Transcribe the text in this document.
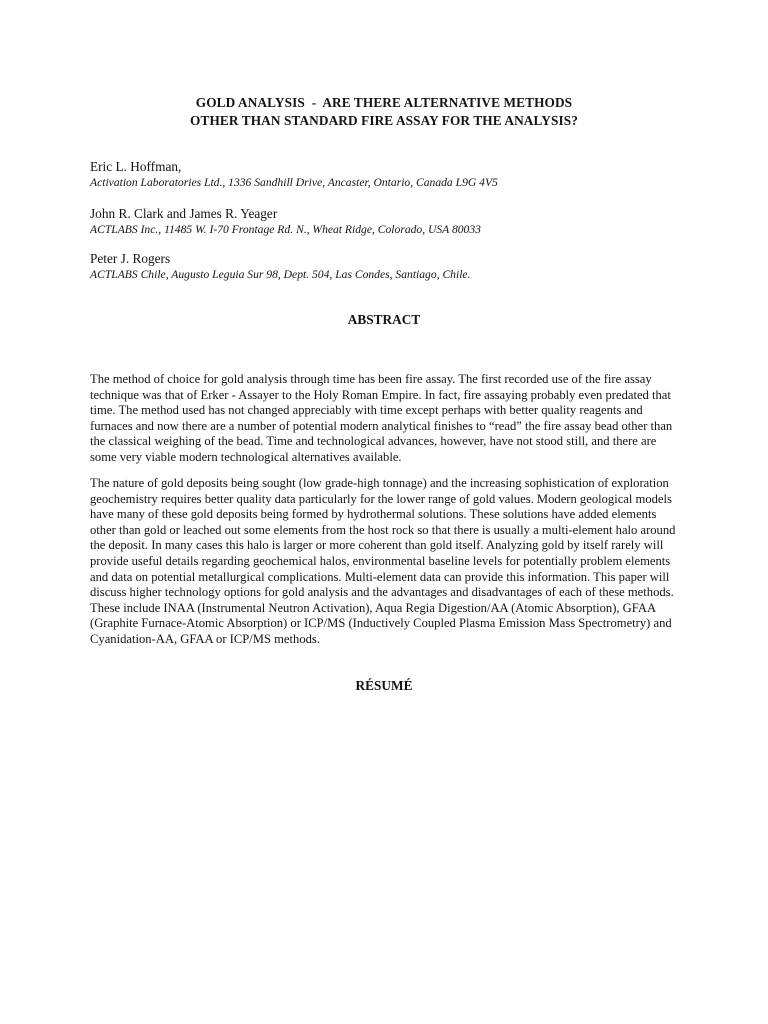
GOLD ANALYSIS  -  ARE THERE ALTERNATIVE METHODS
OTHER THAN STANDARD FIRE ASSAY FOR THE ANALYSIS?
Eric L. Hoffman,
Activation Laboratories Ltd., 1336 Sandhill Drive, Ancaster, Ontario, Canada L9G 4V5
John R. Clark and James R. Yeager
ACTLABS Inc., 11485 W. I-70 Frontage Rd. N., Wheat Ridge, Colorado, USA 80033
Peter J. Rogers
ACTLABS Chile, Augusto Leguia Sur 98, Dept. 504, Las Condes, Santiago, Chile.
ABSTRACT
The method of choice for gold analysis through time has been fire assay. The first recorded use of the fire assay
technique was that of Erker - Assayer to the Holy Roman Empire. In fact, fire assaying probably even predated that
time. The method used has not changed appreciably with time except perhaps with better quality reagents and
furnaces and now there are a number of potential modern analytical finishes to “read” the fire assay bead other than
the classical weighing of the bead. Time and technological advances, however, have not stood still, and there are
some very viable modern technological alternatives available.
The nature of gold deposits being sought (low grade-high tonnage) and the increasing sophistication of exploration
geochemistry requires better quality data particularly for the lower range of gold values. Modern geological models
have many of these gold deposits being formed by hydrothermal solutions. These solutions have added elements
other than gold or leached out some elements from the host rock so that there is usually a multi-element halo around
the deposit. In many cases this halo is larger or more coherent than gold itself. Analyzing gold by itself rarely will
provide useful details regarding geochemical halos, environmental baseline levels for potentially problem elements
and data on potential metallurgical complications. Multi-element data can provide this information. This paper will
discuss higher technology options for gold analysis and the advantages and disadvantages of each of these methods.
These include INAA (Instrumental Neutron Activation), Aqua Regia Digestion/AA (Atomic Absorption), GFAA
(Graphite Furnace-Atomic Absorption) or ICP/MS (Inductively Coupled Plasma Emission Mass Spectrometry) and
Cyanidation-AA, GFAA or ICP/MS methods.
RÉSUMÉ
